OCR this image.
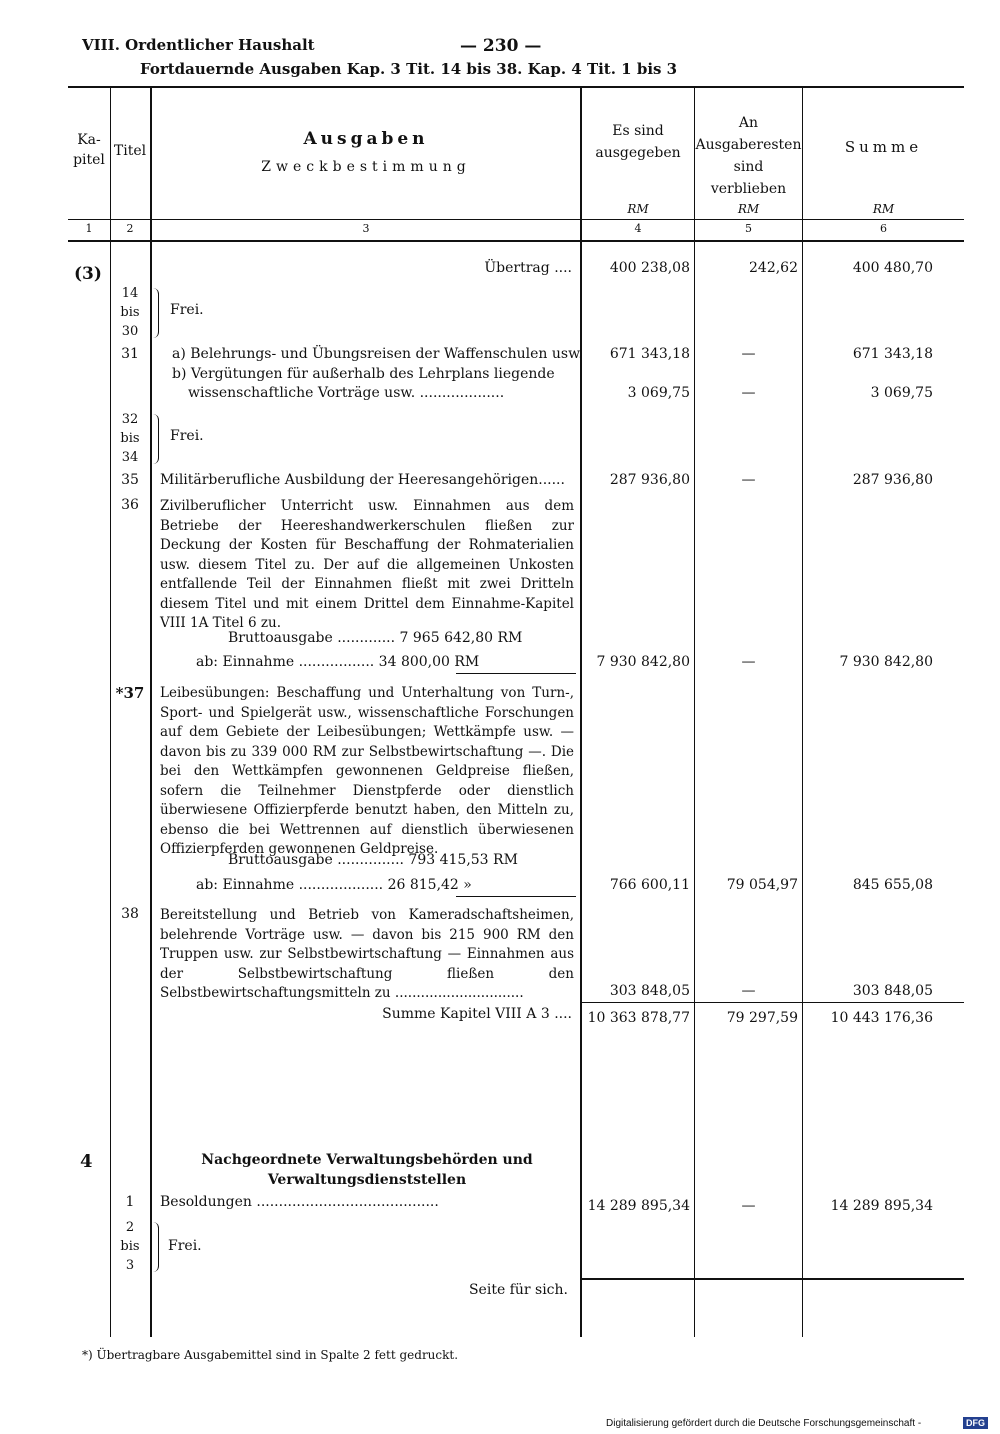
VIII. Ordentlicher Haushalt	— 230 —
Fortdauernde Ausgaben Kap. 3 Tit. 14 bis 38. Kap. 4 Tit. 1 bis 3
Ka-
pitel
Titel
Ausgaben
Zweckbestimmung
Es sind
ausgegeben
An
Ausgaberesten
sind verblieben
Summe
RM	RM	RM
1	2	3	4	5	6
(3)	Übertrag ....	400 238,08	242,62	400 480,70
14
bis
30
Frei.
31	a) Belehrungs- und Übungsreisen der Waffenschulen usw.	671 343,18	—	671 343,18
b) Vergütungen für außerhalb des Lehrplans liegende
wissenschaftliche Vorträge usw. ...................	3 069,75	—	3 069,75
32
bis
34
Frei.
35	Militärberufliche Ausbildung der Heeresangehörigen......	287 936,80	—	287 936,80
36	Zivilberuflicher Unterricht usw. Einnahmen aus dem Betriebe der Heereshandwerkerschulen fließen zur Deckung der Kosten für Beschaffung der Rohmaterialien usw. diesem Titel zu. Der auf die allgemeinen Unkosten entfallende Teil der Einnahmen fließt mit zwei Dritteln diesem Titel und mit einem Drittel dem Einnahme-Kapitel VIII 1A Titel 6 zu.
Bruttoausgabe ............. 7 965 642,80 RM
ab: Einnahme ................. 34 800,00 RM	7 930 842,80	—	7 930 842,80
*37	Leibesübungen: Beschaffung und Unterhaltung von Turn-, Sport- und Spielgerät usw., wissenschaftliche Forschungen auf dem Gebiete der Leibesübungen; Wettkämpfe usw. — davon bis zu 339 000 RM zur Selbstbewirtschaftung —. Die bei den Wettkämpfen gewonnenen Geldpreise fließen, sofern die Teilnehmer Dienstpferde oder dienstlich überwiesene Offizierpferde benutzt haben, den Mitteln zu, ebenso die bei Wettrennen auf dienstlich überwiesenen Offizierpferden gewonnenen Geldpreise.
Bruttoausgabe ............... 793 415,53 RM
ab: Einnahme ................... 26 815,42 »	766 600,11	79 054,97	845 655,08
38	Bereitstellung und Betrieb von Kameradschaftsheimen, belehrende Vorträge usw. — davon bis 215 900 RM den Truppen usw. zur Selbstbewirtschaftung — Einnahmen aus der Selbstbewirtschaftung fließen den Selbstbewirtschaftungsmitteln zu ..............................	303 848,05	—	303 848,05
Summe Kapitel VIII A 3 ....	10 363 878,77	79 297,59	10 443 176,36
4	Nachgeordnete Verwaltungsbehörden und Verwaltungsdienststellen
1	Besoldungen .........................................	14 289 895,34	—	14 289 895,34
2
bis
3
Frei.
Seite für sich.
*) Übertragbare Ausgabemittel sind in Spalte 2 fett gedruckt.
Digitalisierung gefördert durch die Deutsche Forschungsgemeinschaft -	DFG
